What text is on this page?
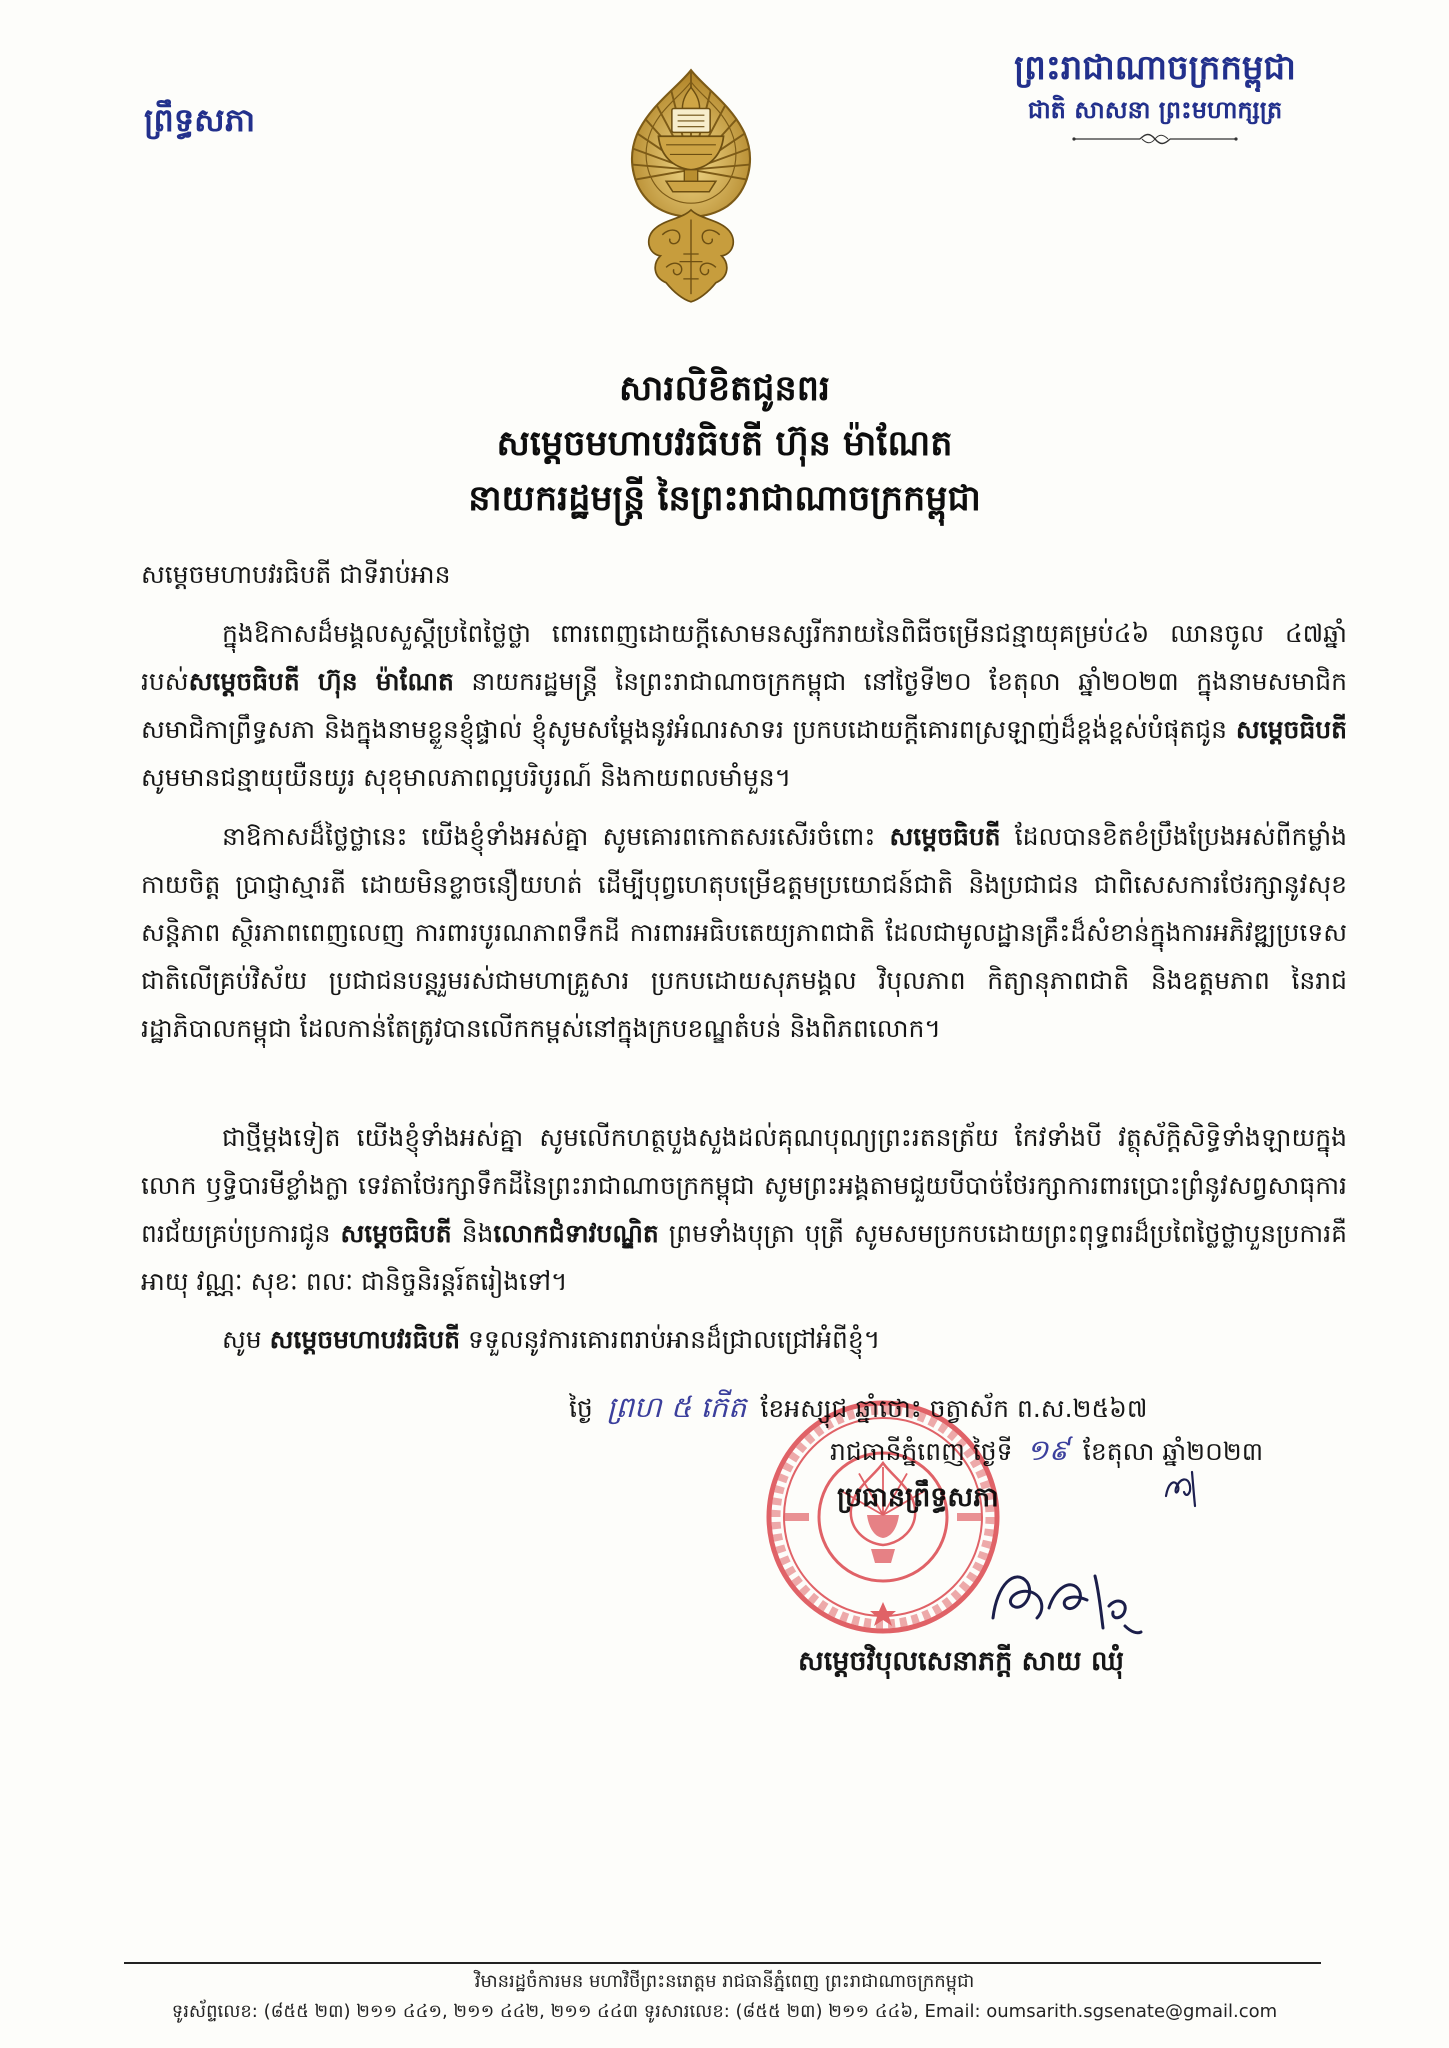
ព្រឹទ្ធសភា
ព្រះរាជាណាចក្រកម្ពុជា
ជាតិ សាសនា ព្រះមហាក្សត្រ
សារលិខិតជូនពរ
សម្តេចមហាបវរធិបតី ហ៊ុន ម៉ាណែត
នាយករដ្ឋមន្ត្រី នៃព្រះរាជាណាចក្រកម្ពុជា
សម្តេចមហាបវរធិបតី ជាទីរាប់អាន
ក្នុងឱកាសដ៏មង្គលសួស្តីប្រពៃថ្លៃថ្លា ពោរពេញដោយក្តីសោមនស្សរីករាយនៃពិធីចម្រើនជន្មាយុគម្រប់៤៦ ឈានចូល ៤៧ឆ្នាំ របស់សម្តេចធិបតី ហ៊ុន ម៉ាណែត នាយករដ្ឋមន្ត្រី នៃព្រះរាជាណាចក្រកម្ពុជា នៅថ្ងៃទី២០ ខែតុលា ឆ្នាំ២០២៣ ក្នុងនាមសមាជិក សមាជិកាព្រឹទ្ធសភា និងក្នុងនាមខ្លួនខ្ញុំផ្ទាល់ ខ្ញុំសូមសម្តែងនូវអំណរសាទរ ប្រកបដោយក្តីគោរពស្រឡាញ់ដ៏ខ្ពង់ខ្ពស់បំផុតជូន សម្តេចធិបតី សូមមានជន្មាយុយឺនយូរ សុខុមាលភាពល្អបរិបូរណ៍ និងកាយពលមាំមួន។
នាឱកាសដ៏ថ្លៃថ្លានេះ យើងខ្ញុំទាំងអស់គ្នា សូមគោរពកោតសរសើរចំពោះ សម្តេចធិបតី ដែលបានខិតខំប្រឹងប្រែងអស់ពីកម្លាំងកាយចិត្ត ប្រាជ្ញាស្មារតី ដោយមិនខ្លាចនឿយហត់ ដើម្បីបុព្វហេតុបម្រើឧត្តមប្រយោជន៍ជាតិ និងប្រជាជន ជាពិសេសការថែរក្សានូវសុខសន្តិភាព ស្ថិរភាពពេញលេញ ការពារបូរណភាពទឹកដី ការពារអធិបតេយ្យភាពជាតិ ដែលជាមូលដ្ឋានគ្រឹះដ៏សំខាន់ក្នុងការអភិវឌ្ឍប្រទេសជាតិលើគ្រប់វិស័យ ប្រជាជនបន្តរួមរស់ជាមហាគ្រួសារ ប្រកបដោយសុភមង្គល វិបុលភាព កិត្យានុភាពជាតិ និងឧត្តមភាព នៃរាជរដ្ឋាភិបាលកម្ពុជា ដែលកាន់តែត្រូវបានលើកកម្ពស់នៅក្នុងក្របខណ្ឌតំបន់ និងពិភពលោក។
ជាថ្មីម្តងទៀត យើងខ្ញុំទាំងអស់គ្នា សូមលើកហត្ថបួងសួងដល់គុណបុណ្យព្រះរតនត្រ័យ កែវទាំងបី វត្ថុស័ក្តិសិទ្ធិទាំងឡាយក្នុងលោក ឫទ្ធិបារមីខ្លាំងក្លា ទេវតាថែរក្សាទឹកដីនៃព្រះរាជាណាចក្រកម្ពុជា សូមព្រះអង្គតាមជួយបីបាច់ថែរក្សាការពារប្រោះព្រំនូវសព្វសាធុការពរជ័យគ្រប់ប្រការជូន សម្តេចធិបតី និងលោកជំទាវបណ្ឌិត ព្រមទាំងបុត្រា បុត្រី សូមសមប្រកបដោយព្រះពុទ្ធពរដ៏ប្រពៃថ្លៃថ្លាបួនប្រការគឺអាយុ វណ្ណៈ សុខៈ ពលៈ ជានិច្ចនិរន្តរ៍តរៀងទៅ។
សូម សម្តេចមហាបវរធិបតី ទទួលនូវការគោរពរាប់អានដ៏ជ្រាលជ្រៅអំពីខ្ញុំ។
ថ្ងៃ ព្រហ ៥ កើត ខែអស្សុជ ឆ្នាំថោះ ចត្វាស័ក ព.ស.២៥៦៧
រាជធានីភ្នំពេញ ថ្ងៃទី ១៩ ខែតុលា ឆ្នាំ២០២៣
ប្រធានព្រឹទ្ធសភា
សម្តេចវិបុលសេនាភក្តី សាយ ឈុំ
វិមានរដ្ឋចំការមន មហាវិថីព្រះនរោត្តម រាជធានីភ្នំពេញ ព្រះរាជាណាចក្រកម្ពុជា
ទូរស័ព្ទលេខ: (៨៥៥ ២៣) ២១១ ៤៤១, ២១១ ៤៤២, ២១១ ៤៤៣ ទូរសារលេខ: (៨៥៥ ២៣) ២១១ ៤៤៦, Email: oumsarith.sgsenate@gmail.com
